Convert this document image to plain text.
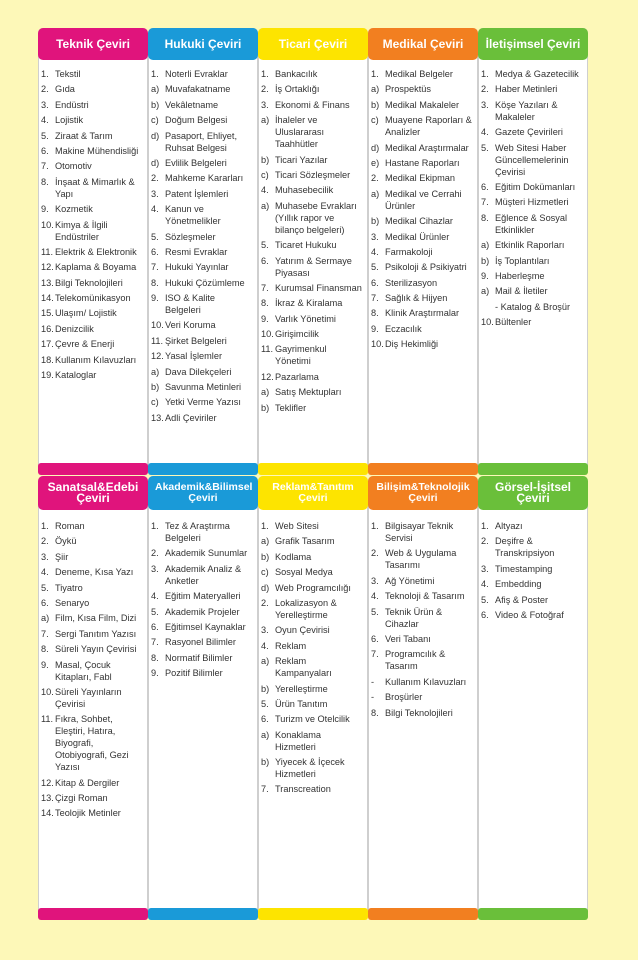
Teknik Çeviri
1. Tekstil
2. Gıda
3. Endüstri
4. Lojistik
5. Ziraat & Tarım
6. Makine Mühendisliği
7. Otomotiv
8. İnşaat & Mimarlık & Yapı
9. Kozmetik
10. Kimya & İlgili Endüstriler
11. Elektrik & Elektronik
12. Kaplama & Boyama
13. Bilgi Teknolojileri
14. Telekomünikasyon
15. Ulaşım/ Lojistik
16. Denizcilik
17. Çevre & Enerji
18. Kullanım Kılavuzları
19. Kataloglar
Hukuki Çeviri
1. Noterli Evraklar
a) Muvafakatname
b) Vekâletname
c) Doğum Belgesi
d) Pasaport, Ehliyet, Ruhsat Belgesi
d) Evlilik Belgeleri
2. Mahkeme Kararları
3. Patent İşlemleri
4. Kanun ve Yönetmelikler
5. Sözleşmeler
6. Resmi Evraklar
7. Hukuki Yayınlar
8. Hukuki Çözümleme
9. ISO & Kalite Belgeleri
10. Veri Koruma
11. Şirket Belgeleri
12. Yasal İşlemler
a) Dava Dilekçeleri
b) Savunma Metinleri
c) Yetki Verme Yazısı
13. Adli Çeviriler
Ticari Çeviri
1. Bankacılık
2. İş Ortaklığı
3. Ekonomi & Finans
a) İhaleler ve Uluslararası Taahhütler
b) Ticari Yazılar
c) Ticari Sözleşmeler
4. Muhasebecilik
a) Muhasebe Evrakları (Yıllık rapor ve bilanço belgeleri)
5. Ticaret Hukuku
6. Yatırım & Sermaye Piyasası
7. Kurumsal Finansman
8. İkraz & Kiralama
9. Varlık Yönetimi
10. Girişimcilik
11. Gayrimenkul Yönetimi
12. Pazarlama
a) Satış Mektupları
b) Teklifler
Medikal Çeviri
1. Medikal Belgeler
a) Prospektüs
b) Medikal Makaleler
c) Muayene Raporları & Analizler
d) Medikal Araştırmalar
e) Hastane Raporları
2. Medikal Ekipman
a) Medikal ve Cerrahi Ürünler
b) Medikal Cihazlar
3. Medikal Ürünler
4. Farmakoloji
5. Psikoloji & Psikiyatri
6. Sterilizasyon
7. Sağlık & Hijyen
8. Klinik Araştırmalar
9. Eczacılık
10. Diş Hekimliği
İletişimsel Çeviri
1. Medya & Gazetecilik
2. Haber Metinleri
3. Köşe Yazıları & Makaleler
4. Gazete Çevirileri
5. Web Sitesi Haber Güncellemelerinin Çevirisi
6. Eğitim Dokümanları
7. Müşteri Hizmetleri
8. Eğlence & Sosyal Etkinlikler
a) Etkinlik Raporları
b) İş Toplantıları
9. Haberleşme
a) Mail & İletiler
- Katalog & Broşür
10. Bültenler
Sanatsal&Edebi Çeviri
1. Roman
2. Öykü
3. Şiir
4. Deneme, Kısa Yazı
5. Tiyatro
6. Senaryo
a) Film, Kısa Film, Dizi
7. Sergi Tanıtım Yazısı
8. Süreli Yayın Çevirisi
9. Masal, Çocuk Kitapları, Fabl
10. Süreli Yayınların Çevirisi
11. Fıkra, Sohbet, Eleştiri, Hatıra, Biyografi, Otobiyografi, Gezi Yazısı
12. Kitap & Dergiler
13. Çizgi Roman
14. Teolojik Metinler
Akademik&Bilimsel Çeviri
1. Tez & Araştırma Belgeleri
2. Akademik Sunumlar
3. Akademik Analiz & Anketler
4. Eğitim Materyalleri
5. Akademik Projeler
6. Eğitimsel Kaynaklar
7. Rasyonel Bilimler
8. Normatif Bilimler
9. Pozitif Bilimler
Reklam&Tanıtım Çeviri
1. Web Sitesi
a) Grafik Tasarım
b) Kodlama
c) Sosyal Medya
d) Web Programcılığı
2. Lokalizasyon & Yerelleştirme
3. Oyun Çevirisi
4. Reklam
a) Reklam Kampanyaları
b) Yerelleştirme
5. Ürün Tanıtım
6. Turizm ve Otelcilik
a) Konaklama Hizmetleri
b) Yiyecek & İçecek Hizmetleri
7. Transcreation
Bilişim&Teknolojik Çeviri
1. Bilgisayar Teknik Servisi
2. Web & Uygulama Tasarımı
3. Ağ Yönetimi
4. Teknoloji & Tasarım
5. Teknik Ürün & Cihazlar
6. Veri Tabanı
7. Programcılık & Tasarım
-	Kullanım Kılavuzları
-	Broşürler
8. Bilgi Teknolojileri
Görsel-İşitsel Çeviri
1. Altyazı
2. Deşifre & Transkripsiyon
3. Timestamping
4. Embedding
5. Afiş & Poster
6. Video & Fotoğraf
